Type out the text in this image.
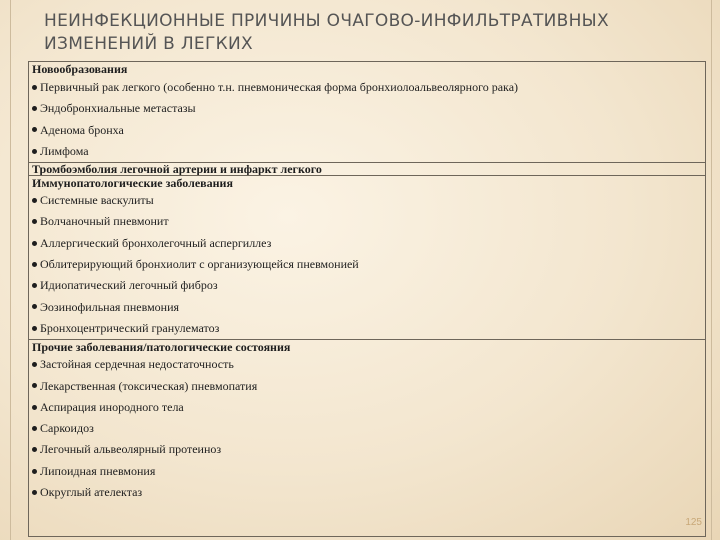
НЕИНФЕКЦИОННЫЕ ПРИЧИНЫ ОЧАГОВО-ИНФИЛЬТРАТИВНЫХ ИЗМЕНЕНИЙ В ЛЕГКИХ
Новообразования
Первичный рак легкого (особенно т.н. пневмоническая форма бронхиолоальвеолярного рака)
Эндобронхиальные метастазы
Аденома бронха
Лимфома
Тромбоэмболия легочной артерии и инфаркт легкого
Иммунопатологические заболевания
Системные васкулиты
Волчаночный пневмонит
Аллергический бронхолегочный аспергиллез
Облитерирующий бронхиолит с организующейся пневмонией
Идиопатический легочный фиброз
Эозинофильная пневмония
Бронхоцентрический гранулематоз
Прочие заболевания/патологические состояния
Застойная сердечная недостаточность
Лекарственная (токсическая) пневмопатия
Аспирация инородного тела
Саркоидоз
Легочный альвеолярный протеиноз
Липоидная пневмония
Округлый ателектаз
125
